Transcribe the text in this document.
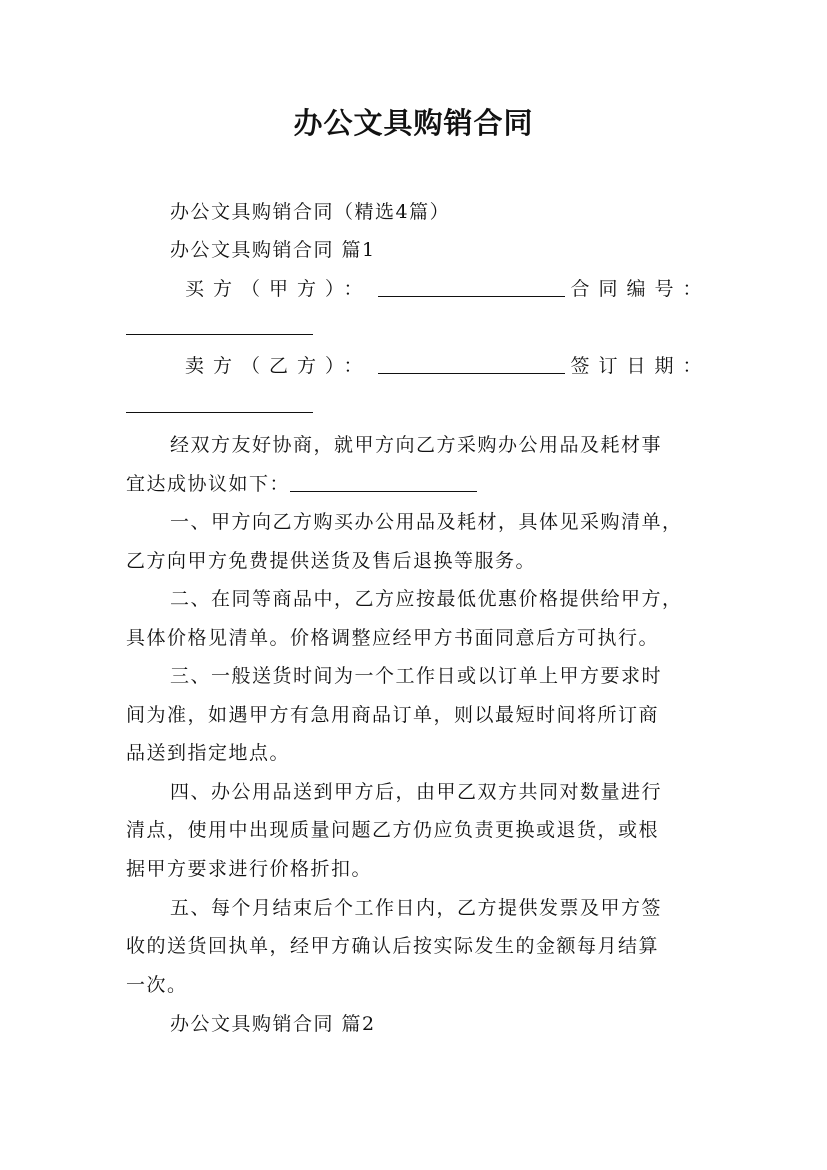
办公文具购销合同
办公文具购销合同（精选4篇）
办公文具购销合同 篇1
买方（甲方）：	合同编号：
卖方（乙方）：	签订日期：
经双方友好协商，就甲方向乙方采购办公用品及耗材事
宜达成协议如下：
一、甲方向乙方购买办公用品及耗材，具体见采购清单，
乙方向甲方免费提供送货及售后退换等服务。
二、在同等商品中，乙方应按最低优惠价格提供给甲方，
具体价格见清单。价格调整应经甲方书面同意后方可执行。
三、一般送货时间为一个工作日或以订单上甲方要求时
间为准，如遇甲方有急用商品订单，则以最短时间将所订商
品送到指定地点。
四、办公用品送到甲方后，由甲乙双方共同对数量进行
清点，使用中出现质量问题乙方仍应负责更换或退货，或根
据甲方要求进行价格折扣。
五、每个月结束后个工作日内，乙方提供发票及甲方签
收的送货回执单，经甲方确认后按实际发生的金额每月结算
一次。
办公文具购销合同 篇2
